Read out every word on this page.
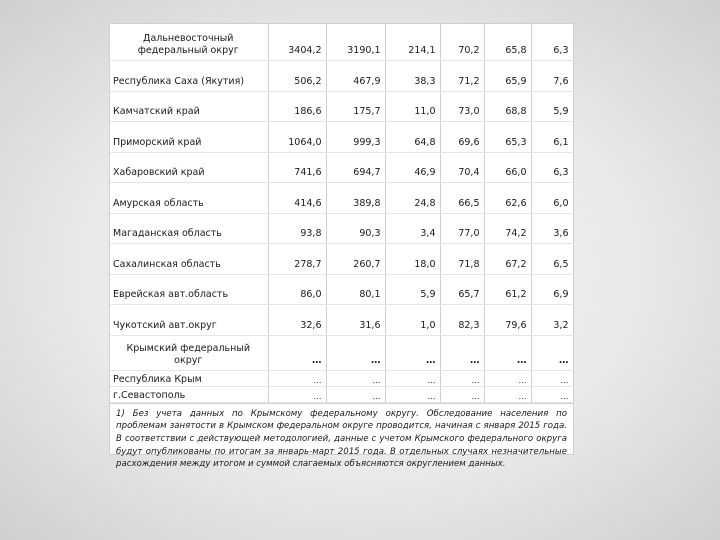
Дальневосточный федеральный округ	3404,2	3190,1	214,1	70,2	65,8	6,3
Республика Саха (Якутия)	506,2	467,9	38,3	71,2	65,9	7,6
Камчатский край	186,6	175,7	11,0	73,0	68,8	5,9
Приморский край	1064,0	999,3	64,8	69,6	65,3	6,1
Хабаровский край	741,6	694,7	46,9	70,4	66,0	6,3
Амурская область	414,6	389,8	24,8	66,5	62,6	6,0
Магаданская область	93,8	90,3	3,4	77,0	74,2	3,6
Сахалинская область	278,7	260,7	18,0	71,8	67,2	6,5
Еврейская авт.область	86,0	80,1	5,9	65,7	61,2	6,9
Чукотский авт.округ	32,6	31,6	1,0	82,3	79,6	3,2
Крымский федеральный округ	…	…	…	…	…	…
Республика Крым	…	…	…	…	…	…
г.Севастополь	…	…	…	…	…	…
1) Без учета данных по Крымскому федеральному округу. Обследование населения по проблемам занятости в Крымском федеральном округе проводится, начиная с января 2015 года. В соответствии с действующей методологией, данные с учетом Крымского федерального округа будут опубликованы по итогам за январь-март 2015 года. В отдельных случаях незначительные расхождения между итогом и суммой слагаемых объясняются округлением данных.
